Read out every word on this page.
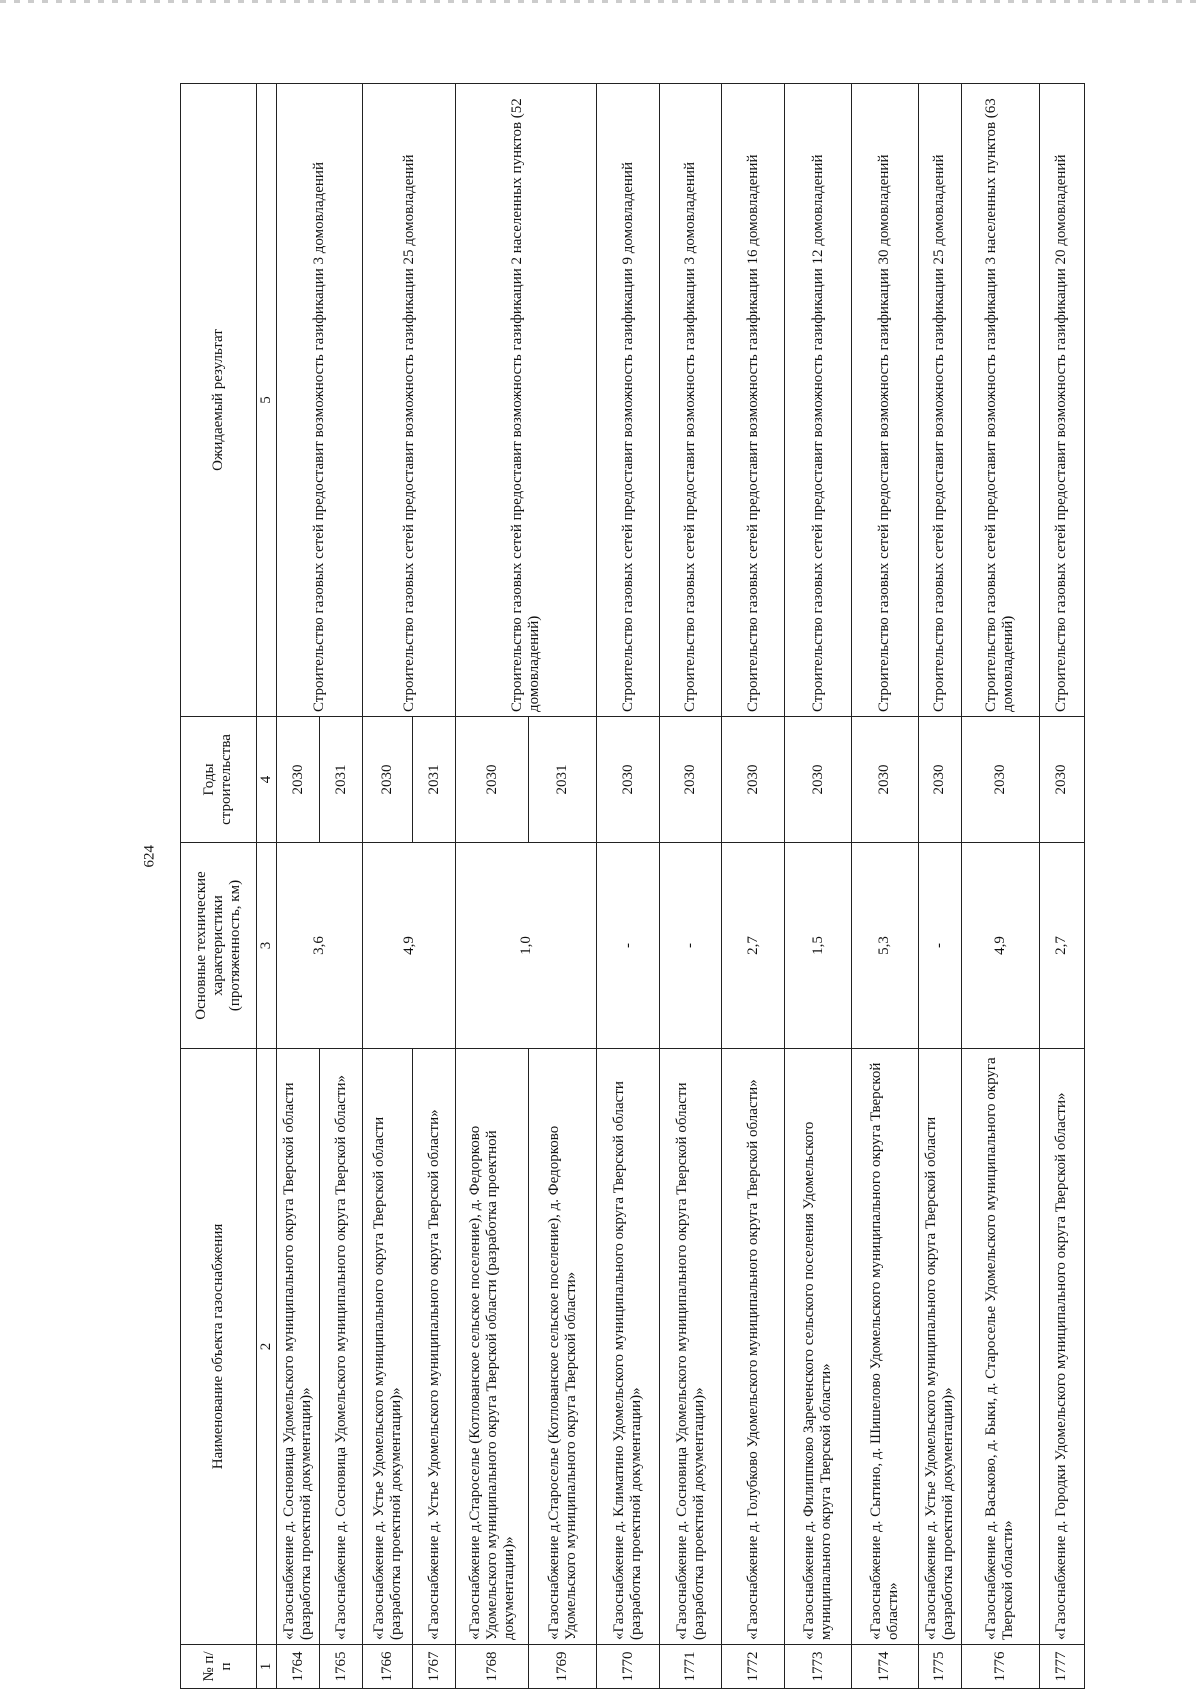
624
№ п/п	Наименование объекта газоснабжения	Основные технические характеристики (протяженность, км)	Годы строительства	Ожидаемый результат
1	2	3	4	5
1764	«Газоснабжение д. Сосновица Удомельского муниципального округа Тверской области (разработка проектной документации)»	3,6	2030	Строительство газовых сетей предоставит возможность газификации 3 домовладений
1765	«Газоснабжение д. Сосновица Удомельского муниципального округа Тверской области»		2031	
1766	«Газоснабжение д. Устье Удомельского муниципального округа Тверской области (разработка проектной документации)»	4,9	2030	Строительство газовых сетей предоставит возможность газификации 25 домовладений
1767	«Газоснабжение д. Устье Удомельского муниципального округа Тверской области»		2031	
1768	«Газоснабжение д.Староселье (Котлованское сельское поселение), д. Федорково Удомельского муниципального округа Тверской области (разработка проектной документации)»	1,0	2030	Строительство газовых сетей предоставит возможность газификации 2 населенных пунктов (52 домовладений)
1769	«Газоснабжение д.Староселье (Котлованское сельское поселение), д. Федорково Удомельского муниципального округа Тверской области»		2031	
1770	«Газоснабжение д. Климатино Удомельского муниципального округа Тверской области (разработка проектной документации)»	-	2030	Строительство газовых сетей предоставит возможность газификации 9 домовладений
1771	«Газоснабжение д. Сосновица Удомельского муниципального округа Тверской области (разработка проектной документации)»	-	2030	Строительство газовых сетей предоставит возможность газификации 3 домовладений
1772	«Газоснабжение д. Голубково Удомельского муниципального округа Тверской области»	2,7	2030	Строительство газовых сетей предоставит возможность газификации 16 домовладений
1773	«Газоснабжение д. Филиппково Зареченского сельского поселения Удомельского муниципального округа Тверской области»	1,5	2030	Строительство газовых сетей предоставит возможность газификации 12 домовладений
1774	«Газоснабжение д. Сытино, д. Шишелово Удомельского муниципального округа Тверской области»	5,3	2030	Строительство газовых сетей предоставит возможность газификации 30 домовладений
1775	«Газоснабжение д. Устье Удомельского муниципального округа Тверской области (разработка проектной документации)»	-	2030	Строительство газовых сетей предоставит возможность газификации 25 домовладений
1776	«Газоснабжение д. Васьково, д. Быки, д. Староселье Удомельского муниципального округа Тверской области»	4,9	2030	Строительство газовых сетей предоставит возможность газификации 3 населенных пунктов (63 домовладений)
1777	«Газоснабжение д. Городки Удомельского муниципального округа Тверской области»	2,7	2030	Строительство газовых сетей предоставит возможность газификации 20 домовладений
